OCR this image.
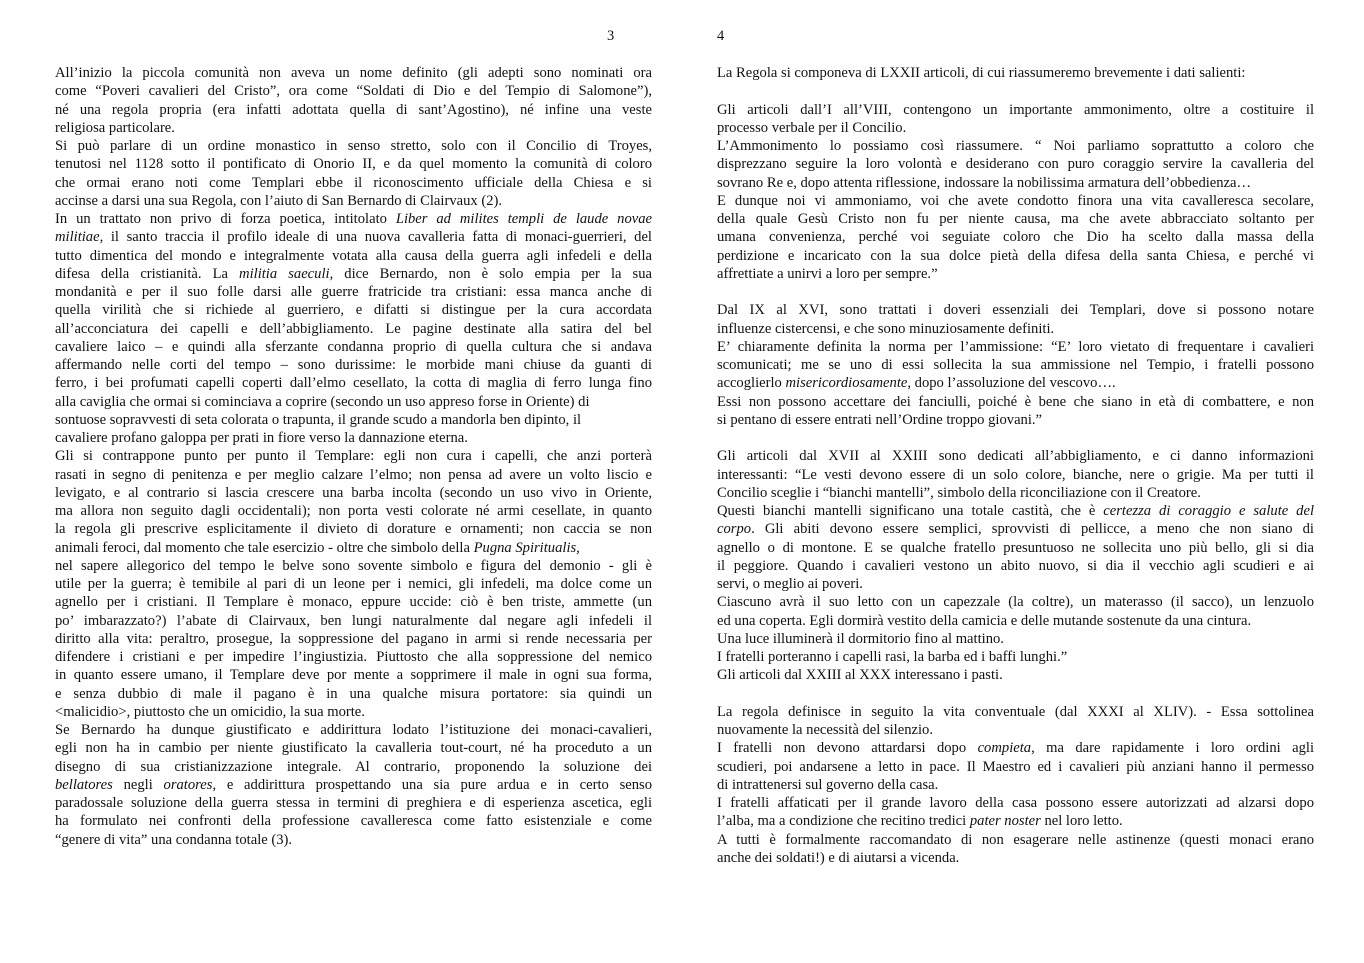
3
All’inizio la piccola comunità non aveva un nome definito (gli adepti sono nominati ora
come “Poveri cavalieri del Cristo”, ora come “Soldati di Dio e del Tempio di Salomone”),
né una regola propria (era infatti adottata quella di sant’Agostino), né infine una veste
religiosa particolare.
Si può parlare di un ordine monastico in senso stretto, solo con il Concilio di Troyes,
tenutosi nel 1128 sotto il pontificato di Onorio II, e da quel momento la comunità di coloro
che ormai erano noti come Templari ebbe il riconoscimento ufficiale della Chiesa e si
accinse a darsi una sua Regola, con l’aiuto di San Bernardo di Clairvaux (2).
In un trattato non privo di forza poetica, intitolato Liber ad milites templi de laude novae
militiae, il santo traccia il profilo ideale di una nuova cavalleria fatta di monaci-guerrieri, del
tutto dimentica del mondo e integralmente votata alla causa della guerra agli infedeli e della
difesa della cristianità. La militia saeculi, dice Bernardo, non è solo empia per la sua
mondanità e per il suo folle darsi alle guerre fratricide tra cristiani: essa manca anche di
quella virilità che si richiede al guerriero, e difatti si distingue per la cura accordata
all’acconciatura dei capelli e dell’abbigliamento. Le pagine destinate alla satira del bel
cavaliere laico – e quindi alla sferzante condanna proprio di quella cultura che si andava
affermando nelle corti del tempo – sono durissime: le morbide mani chiuse da guanti di
ferro, i bei profumati capelli coperti dall’elmo cesellato, la cotta di maglia di ferro lunga fino
alla caviglia che ormai si cominciava a coprire (secondo un uso appreso forse in Oriente) di
sontuose sopravvesti di seta colorata o trapunta, il grande scudo a mandorla ben dipinto, il
cavaliere profano galoppa per prati in fiore verso la dannazione eterna.
Gli si contrappone punto per punto il Templare: egli non cura i capelli, che anzi porterà
rasati in segno di penitenza e per meglio calzare l’elmo; non pensa ad avere un volto liscio e
levigato, e al contrario si lascia crescere una barba incolta (secondo un uso vivo in Oriente,
ma allora non seguito dagli occidentali); non porta vesti colorate né armi cesellate, in quanto
la regola gli prescrive esplicitamente il divieto di dorature e ornamenti; non caccia se non
animali feroci, dal momento che tale esercizio - oltre che simbolo della Pugna Spiritualis,
nel sapere allegorico del tempo le belve sono sovente simbolo e figura del demonio - gli è
utile per la guerra; è temibile al pari di un leone per i nemici, gli infedeli, ma dolce come un
agnello per i cristiani. Il Templare è monaco, eppure uccide: ciò è ben triste, ammette (un
po’ imbarazzato?) l’abate di Clairvaux, ben lungi naturalmente dal negare agli infedeli il
diritto alla vita: peraltro, prosegue, la soppressione del pagano in armi si rende necessaria per
difendere i cristiani e per impedire l’ingiustizia. Piuttosto che alla soppressione del nemico
in quanto essere umano, il Templare deve por mente a sopprimere il male in ogni sua forma,
e senza dubbio di male il pagano è in una qualche misura portatore: sia quindi un
<malicidio>, piuttosto che un omicidio, la sua morte.
Se Bernardo ha dunque giustificato e addirittura lodato l’istituzione dei monaci-cavalieri,
egli non ha in cambio per niente giustificato la cavalleria tout-court, né ha proceduto a un
disegno di sua cristianizzazione integrale. Al contrario, proponendo la soluzione dei
bellatores negli oratores, e addirittura prospettando una sia pure ardua e in certo senso
paradossale soluzione della guerra stessa in termini di preghiera e di esperienza ascetica, egli
ha formulato nei confronti della professione cavalleresca come fatto esistenziale e come
“genere di vita” una condanna totale (3).
4
La Regola si componeva di LXXII articoli, di cui riassumeremo brevemente i dati salienti:
Gli articoli dall’I all’VIII, contengono un importante ammonimento, oltre a costituire il
processo verbale per il Concilio.
L’Ammonimento lo possiamo così riassumere. “ Noi parliamo soprattutto a coloro che
disprezzano seguire la loro volontà e desiderano con puro coraggio servire la cavalleria del
sovrano Re e, dopo attenta riflessione, indossare la nobilissima armatura dell’obbedienza…
E dunque noi vi ammoniamo, voi che avete condotto finora una vita cavalleresca secolare,
della quale Gesù Cristo non fu per niente causa, ma che avete abbracciato soltanto per
umana convenienza, perché voi seguiate coloro che Dio ha scelto dalla massa della
perdizione e incaricato con la sua dolce pietà della difesa della santa Chiesa, e perché vi
affrettiate a unirvi a loro per sempre.”
Dal IX al XVI, sono trattati i doveri essenziali dei Templari, dove si possono notare
influenze cistercensi, e che sono minuziosamente definiti.
E’ chiaramente definita la norma per l’ammissione: “E’ loro vietato di frequentare i cavalieri
scomunicati; me se uno di essi sollecita la sua ammissione nel Tempio, i fratelli possono
accoglierlo misericordiosamente, dopo l’assoluzione del vescovo….
Essi non possono accettare dei fanciulli, poiché è bene che siano in età di combattere, e non
si pentano di essere entrati nell’Ordine troppo giovani.”
Gli articoli dal XVII al XXIII sono dedicati all’abbigliamento, e ci danno informazioni
interessanti: “Le vesti devono essere di un solo colore, bianche, nere o grigie. Ma per tutti il
Concilio sceglie i “bianchi mantelli”, simbolo della riconciliazione con il Creatore.
Questi bianchi mantelli significano una totale castità, che è certezza di coraggio e salute del
corpo. Gli abiti devono essere semplici, sprovvisti di pellicce, a meno che non siano di
agnello o di montone. E se qualche fratello presuntuoso ne sollecita uno più bello, gli si dia
il peggiore. Quando i cavalieri vestono un abito nuovo, si dia il vecchio agli scudieri e ai
servi, o meglio ai poveri.
Ciascuno avrà il suo letto con un capezzale (la coltre), un materasso (il sacco), un lenzuolo
ed una coperta. Egli dormirà vestito della camicia e delle mutande sostenute da una cintura.
Una luce illuminerà il dormitorio fino al mattino.
I fratelli porteranno i capelli rasi, la barba ed i baffi lunghi.”
Gli articoli dal XXIII al XXX interessano i pasti.
La regola definisce in seguito la vita conventuale (dal XXXI al XLIV). - Essa sottolinea
nuovamente la necessità del silenzio.
I fratelli non devono attardarsi dopo compieta, ma dare rapidamente i loro ordini agli
scudieri, poi andarsene a letto in pace. Il Maestro ed i cavalieri più anziani hanno il permesso
di intrattenersi sul governo della casa.
I fratelli affaticati per il grande lavoro della casa possono essere autorizzati ad alzarsi dopo
l’alba, ma a condizione che recitino tredici pater noster nel loro letto.
A tutti è formalmente raccomandato di non esagerare nelle astinenze (questi monaci erano
anche dei soldati!) e di aiutarsi a vicenda.
